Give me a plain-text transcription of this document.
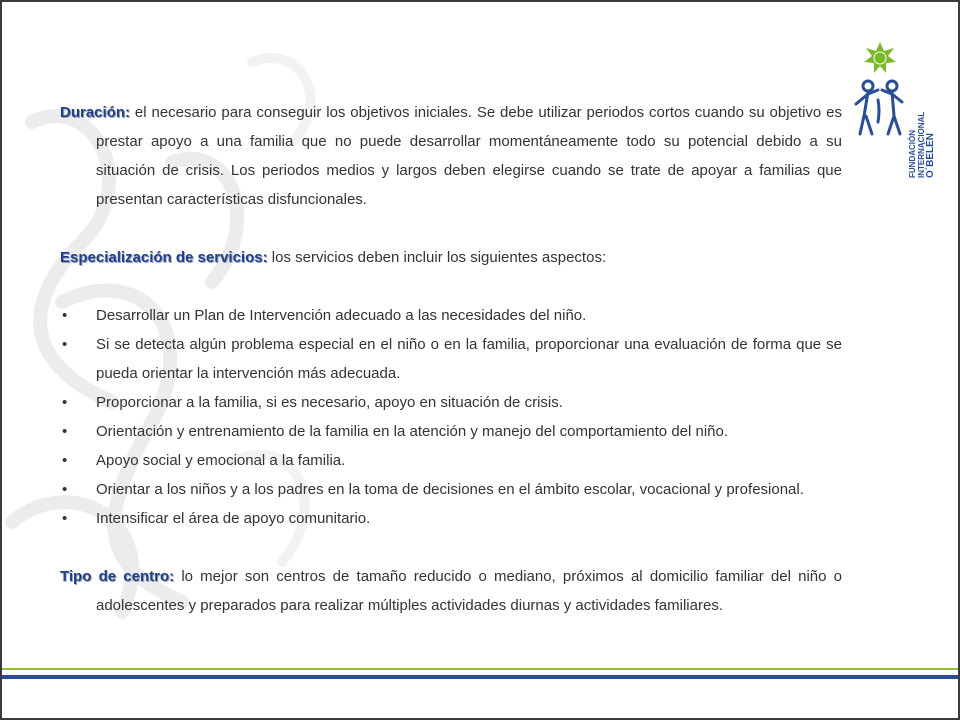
FUNDACIÓN INTERNACIONAL O´BELÉN

Duración: el necesario para conseguir los objetivos iniciales. Se debe utilizar periodos cortos cuando su objetivo es prestar apoyo a una familia que no puede desarrollar momentáneamente todo su potencial debido a su situación de crisis. Los periodos medios y largos deben elegirse cuando se trate de apoyar a familias que presentan características disfuncionales.

Especialización de servicios: los servicios deben incluir los siguientes aspectos:

• Desarrollar un Plan de Intervención adecuado a las necesidades del niño.
• Si se detecta algún problema especial en el niño o en la familia, proporcionar una evaluación de forma que se pueda orientar la intervención más adecuada.
• Proporcionar a la familia, si es necesario, apoyo en situación de crisis.
• Orientación y entrenamiento de la familia en la atención y manejo del comportamiento del niño.
• Apoyo social y emocional a la familia.
• Orientar a los niños y a los padres en la toma de decisiones en el ámbito escolar, vocacional y profesional.
• Intensificar el área de apoyo comunitario.

Tipo de centro: lo mejor son centros de tamaño reducido o mediano, próximos al domicilio familiar del niño o adolescentes y preparados para realizar múltiples actividades diurnas y actividades familiares.
